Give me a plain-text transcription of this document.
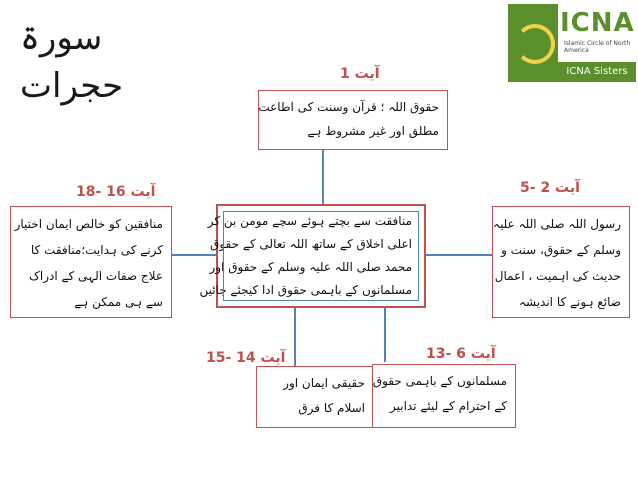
سورۃ حجرات
ICNA
Islamic Circle of North America
ICNA Sisters
آیت 1
آیت 16 -18	آیت 2 -5
آیت 14 -15	آیت 6 -13
حقوق اللہ ؛ قرآن وسنت کی اطاعت
مطلق اور غیر مشروط ہے
منافقت سے بچتے ہوئے سچے مومن بن کر
اعلی اخلاق کے ساتھ اللہ تعالی کے حقوق
محمد صلی اللہ علیہ وسلم کے حقوق اور
مسلمانوں کے باہمی حقوق ادا کیجئے جائیں
منافقین کو خالص ایمان اختیار
کرنے کی ہدایت؛منافقت کا
علاج صفات الہی کے ادراک
سے ہی ممکن ہے
رسول اللہ صلی اللہ علیہ
وسلم کے حقوق، سنت و
حدیث کی اہمیت ، اعمال
ضائع ہونے کا اندیشہ
حقیقی ایمان اور
اسلام کا فرق
مسلمانوں کے باہمی حقوق
کے احترام کے لیئے تدابیر
